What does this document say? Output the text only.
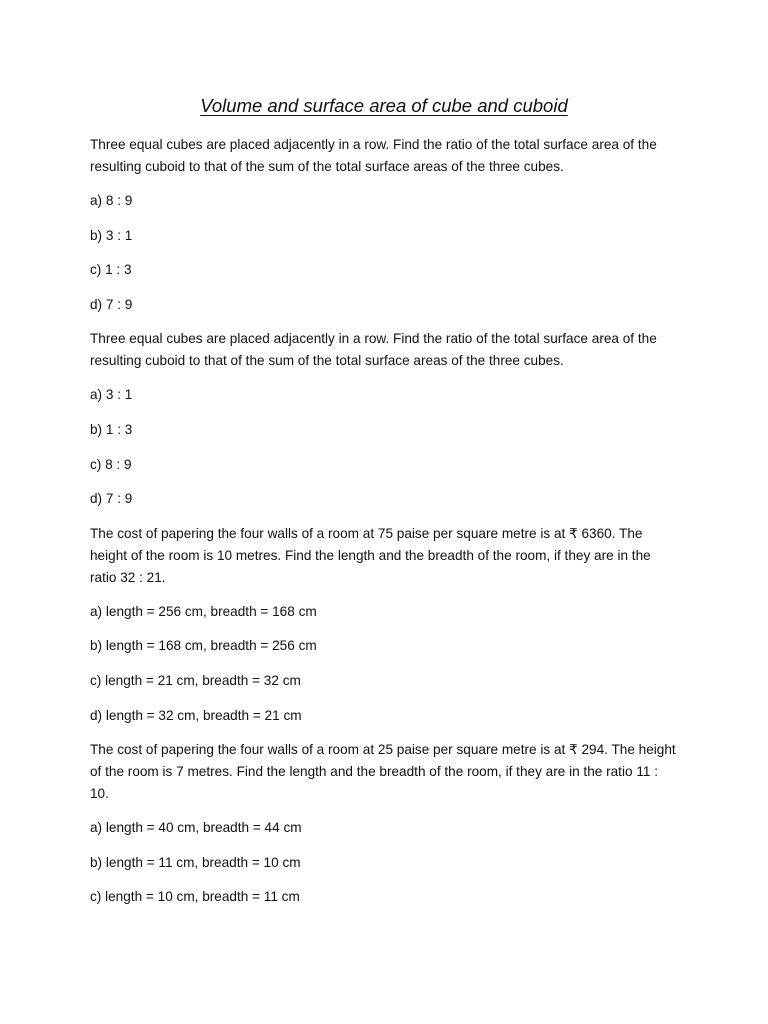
Volume and surface area of cube and cuboid

Three equal cubes are placed adjacently in a row. Find the ratio of the total surface area of the resulting cuboid to that of the sum of the total surface areas of the three cubes.

a) 8 : 9

b) 3 : 1

c) 1 : 3

d) 7 : 9

Three equal cubes are placed adjacently in a row. Find the ratio of the total surface area of the resulting cuboid to that of the sum of the total surface areas of the three cubes.

a) 3 : 1

b) 1 : 3

c) 8 : 9

d) 7 : 9

The cost of papering the four walls of a room at 75 paise per square metre is at ₹ 6360. The height of the room is 10 metres. Find the length and the breadth of the room, if they are in the ratio 32 : 21.

a) length = 256 cm, breadth = 168 cm

b) length = 168 cm, breadth = 256 cm

c) length = 21 cm, breadth = 32 cm

d) length = 32 cm, breadth = 21 cm

The cost of papering the four walls of a room at 25 paise per square metre is at ₹ 294. The height of the room is 7 metres. Find the length and the breadth of the room, if they are in the ratio 11 : 10.

a) length = 40 cm, breadth = 44 cm

b) length = 11 cm, breadth = 10 cm

c) length = 10 cm, breadth = 11 cm
